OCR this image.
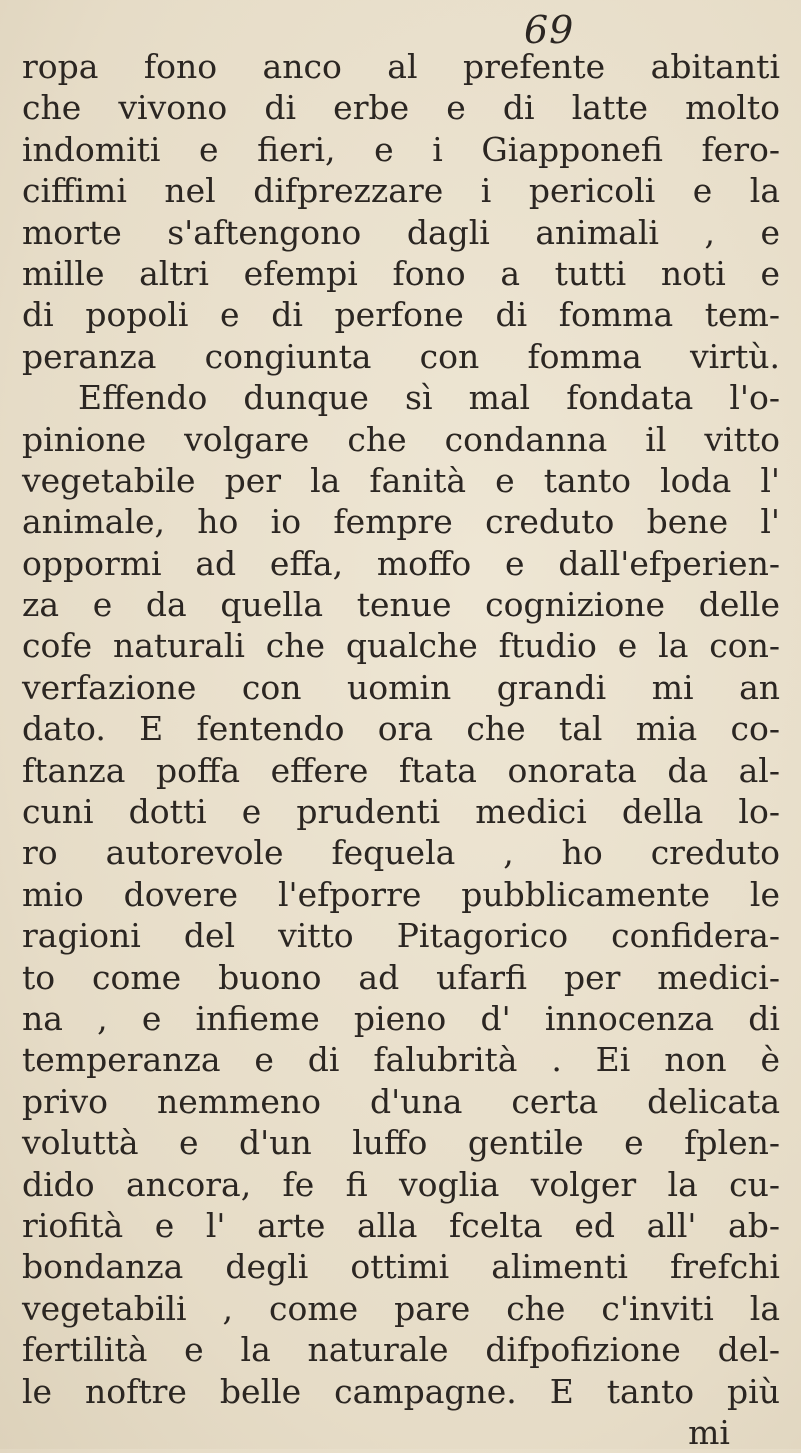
69
ropa fono anco al prefente abitanti
che vivono di erbe e di latte molto
indomiti e fieri, e i Giapponefi fero-
ciffimi nel difprezzare i pericoli e la
morte s'aftengono dagli animali , e
mille altri efempi fono a tutti noti e
di popoli e di perfone di fomma tem-
peranza congiunta con fomma virtù.
Effendo dunque sì mal fondata l'o-
pinione volgare che condanna il vitto
vegetabile per la fanità e tanto loda l'
animale, ho io fempre creduto bene l'
oppormi ad effa, moffo e dall'efperien-
za e da quella tenue cognizione delle
cofe naturali che qualche ftudio e la con-
verfazione con uomin grandi mi an
dato. E fentendo ora che tal mia co-
ftanza poffa effere ftata onorata da al-
cuni dotti e prudenti medici della lo-
ro autorevole fequela , ho creduto
mio dovere l'efporre pubblicamente le
ragioni del vitto Pitagorico confidera-
to come buono ad ufarfi per medici-
na , e infieme pieno d' innocenza di
temperanza e di falubrità . Ei non è
privo nemmeno d'una certa delicata
voluttà e d'un luffo gentile e fplen-
dido ancora, fe fi voglia volger la cu-
riofità e l' arte alla fcelta ed all' ab-
bondanza degli ottimi alimenti frefchi
vegetabili , come pare che c'inviti la
fertilità e la naturale difpofizione del-
le noftre belle campagne. E tanto più
mi
